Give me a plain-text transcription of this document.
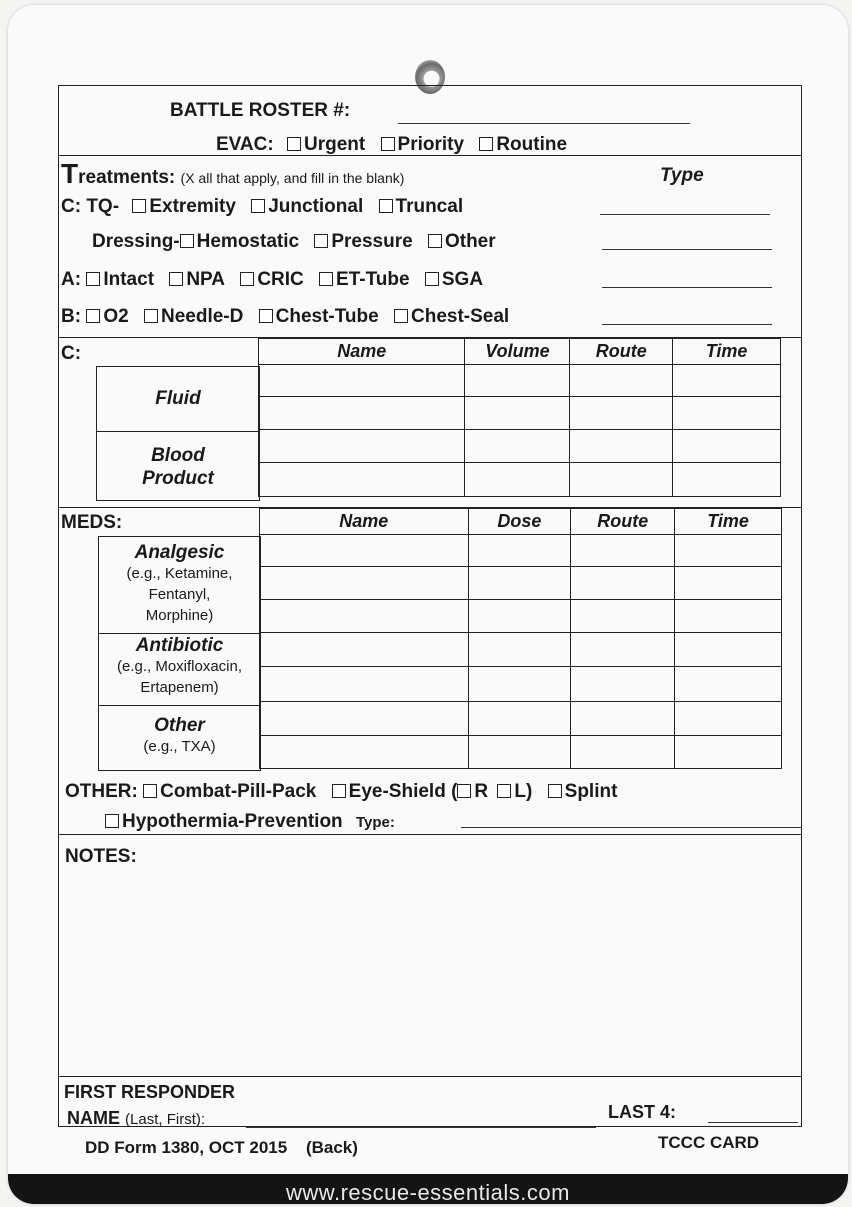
BATTLE ROSTER #:
EVAC: Urgent Priority Routine
Treatments: (X all that apply, and fill in the blank)	Type
C: TQ- Extremity Junctional Truncal
Dressing- Hemostatic Pressure Other
A: Intact NPA CRIC ET-Tube SGA
B: O2 Needle-D Chest-Tube Chest-Seal
C:
Fluid
Blood
Product
Name	Volume	Route	Time

MEDS:
Analgesic
(e.g., Ketamine,
Fentanyl,
Morphine)
Antibiotic
(e.g., Moxifloxacin,
Ertapenem)
Other
(e.g., TXA)
Name	Dose	Route	Time

OTHER: Combat-Pill-Pack Eye-Shield ( R L) Splint
Hypothermia-Prevention Type:
NOTES:
FIRST RESPONDER
NAME (Last, First):	LAST 4:
DD Form 1380, OCT 2015 (Back)	TCCC CARD
www.rescue-essentials.com
